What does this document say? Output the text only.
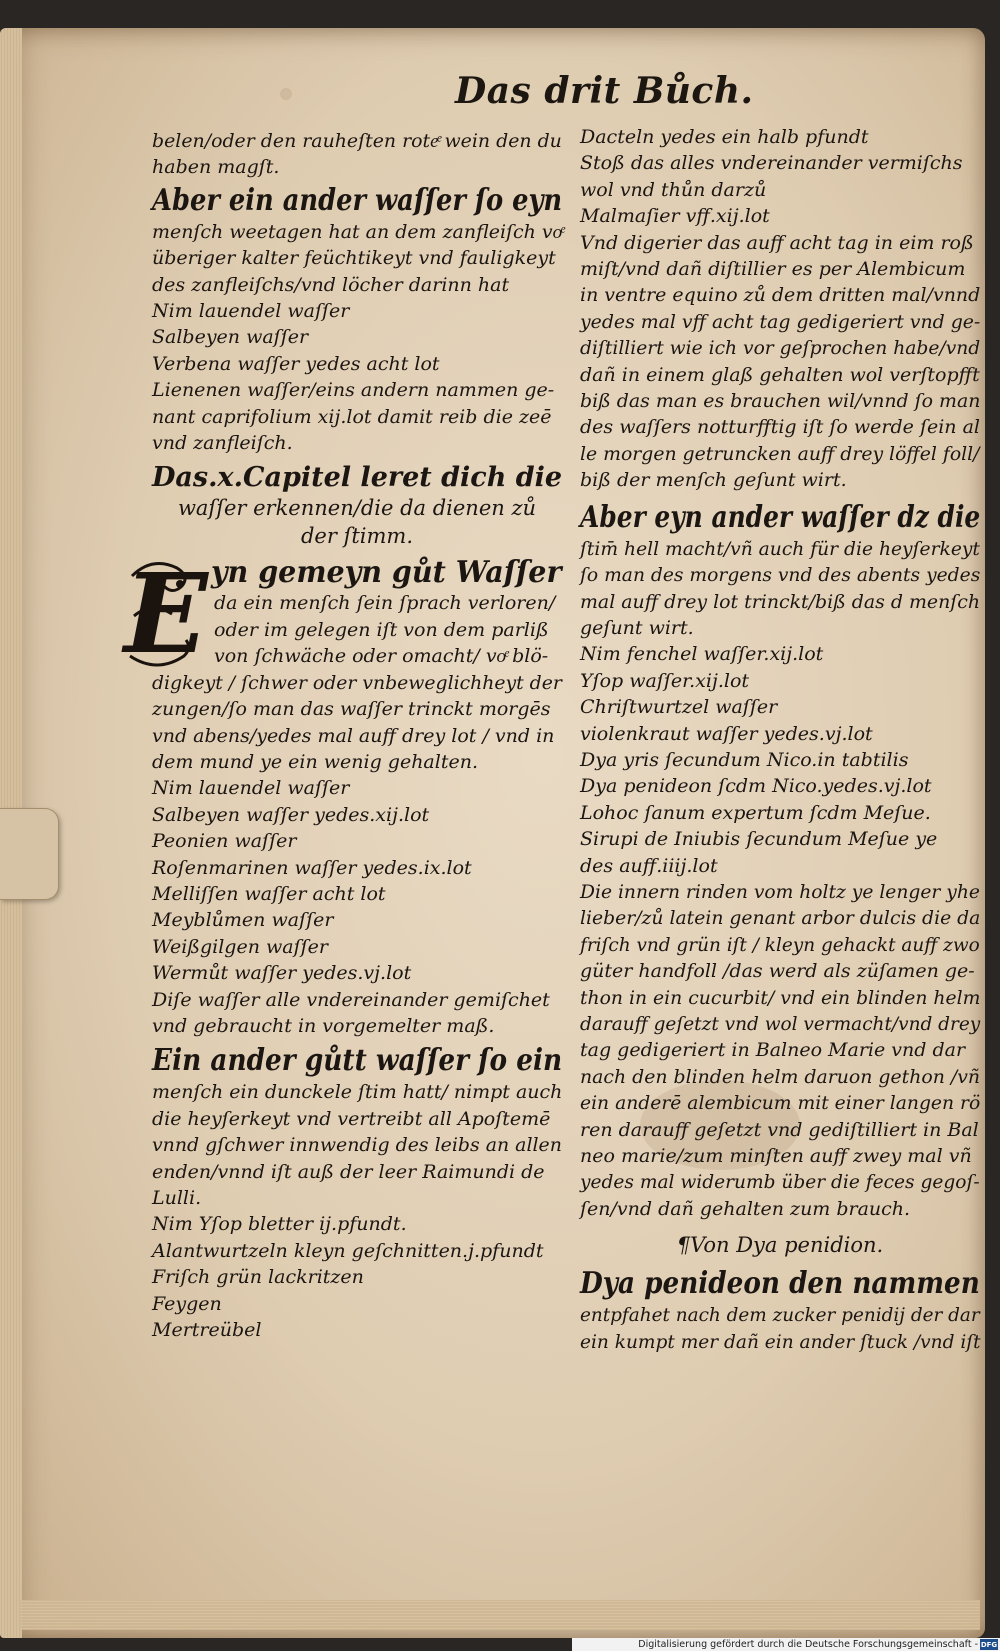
Das drit Bůch.
belen/oder den rauheſten roteͤ wein den du
haben magſt.
Aber ein ander waſſer ſo eyn
menſch weetagen hat an dem zanfleiſch voͤ
überiger kalter feüchtikeyt vnd fauligkeyt
des zanfleiſchs/vnd löcher darinn hat
Nim lauendel waſſer
Salbeyen waſſer
Verbena waſſer yedes acht lot
Lienenen waſſer/eins andern nammen ge‑
nant caprifolium xij.lot damit reib die zeē
vnd zanfleiſch.
Das.x.Capitel leret dich die
waſſer erkennen/die da dienen zů
der ſtimm.
E yn gemeyn gůt Waſſer
da ein menſch ſein ſprach verloren/
oder im gelegen iſt von dem parliß
von ſchwäche oder omacht/ voͤ blö‑
digkeyt / ſchwer oder vnbeweglichheyt der
zungen/ſo man das waſſer trinckt morgēs
vnd abens/yedes mal auff drey lot / vnd in
dem mund ye ein wenig gehalten.
Nim lauendel waſſer
Salbeyen waſſer yedes.xij.lot
Peonien waſſer
Roſenmarinen waſſer yedes.ix.lot
Melliſſen waſſer acht lot
Meyblůmen waſſer
Weißgilgen waſſer
Wermůt waſſer yedes.vj.lot
Diſe waſſer alle vndereinander gemiſchet
vnd gebraucht in vorgemelter maß.
Ein ander gůtt waſſer ſo ein
menſch ein dunckele ſtim hatt/ nimpt auch
die heyſerkeyt vnd vertreibt all Apoſtemē
vnnd gſchwer innwendig des leibs an allen
enden/vnnd iſt auß der leer Raimundi de
Lulli.
Nim Yſop bletter ij.pfundt.
Alantwurtzeln kleyn geſchnitten.j.pfundt
Friſch grün lackritzen
Feygen
Mertreübel
Dacteln yedes ein halb pfundt
Stoß das alles vndereinander vermiſchs
wol vnd thůn darzů
Malmaſier vff.xij.lot
Vnd digerier das auff acht tag in eim roß
miſt/vnd dañ diſtillier es per Alembicum
in ventre equino zů dem dritten mal/vnnd
yedes mal vff acht tag gedigeriert vnd ge‑
diſtilliert wie ich vor geſprochen habe/vnd
dañ in einem glaß gehalten wol verſtopfft
biß das man es brauchen wil/vnnd ſo man
des waſſers notturfftig iſt ſo werde ſein al
le morgen getruncken auff drey löffel foll/
biß der menſch geſunt wirt.
Aber eyn ander waſſer dz die
ſtim̄ hell macht/vñ auch für die heyſerkeyt
ſo man des morgens vnd des abents yedes
mal auff drey lot trinckt/biß das d menſch
geſunt wirt.
Nim fenchel waſſer.xij.lot
Yſop waſſer.xij.lot
Chriſtwurtzel waſſer
violenkraut waſſer yedes.vj.lot
Dya yris ſecundum Nico.in tabtilis
Dya penideon ſcdm Nico.yedes.vj.lot
Lohoc ſanum expertum ſcdm Meſue.
Sirupi de Iniubis ſecundum Meſue ye
des auff.iiij.lot
Die innern rinden vom holtz ye lenger yhe
lieber/zů latein genant arbor dulcis die da
friſch vnd grün iſt / kleyn gehackt auff zwo
güter handfoll /das werd als züſamen ge‑
thon in ein cucurbit/ vnd ein blinden helm
darauff geſetzt vnd wol vermacht/vnd drey
tag gedigeriert in Balneo Marie vnd dar
nach den blinden helm daruon gethon /vñ
ein anderē alembicum mit einer langen rö
ren darauff geſetzt vnd gediſtilliert in Bal
neo marie/zum minſten auff zwey mal vñ
yedes mal widerumb über die feces gegoſ‑
ſen/vnd dañ gehalten zum brauch.
¶Von Dya penidion.
Dya penideon den nammen
entpfahet nach dem zucker penidij der dar
ein kumpt mer dañ ein ander ſtuck /vnd iſt
Digitalisierung gefördert durch die Deutsche Forschungsgemeinschaft - DFG
